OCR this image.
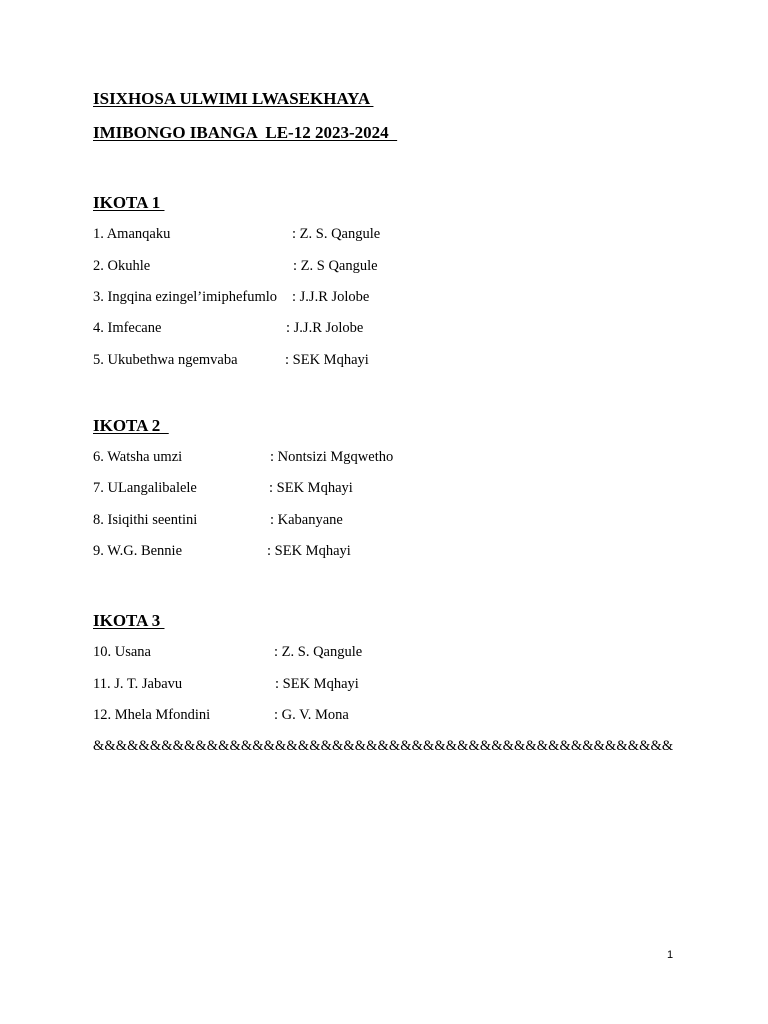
ISIXHOSA ULWIMI LWASEKHAYA
IMIBONGO IBANGA  LE-12 2023-2024
IKOTA 1
1. Amanqaku	: Z. S. Qangule
2. Okuhle	: Z. S Qangule
3. Ingqina ezingel’imiphefumlo : J.J.R Jolobe
4. Imfecane	: J.J.R Jolobe
5. Ukubethwa ngemvaba	: SEK Mqhayi
IKOTA 2
6. Watsha umzi	: Nontsizi Mgqwetho
7. ULangalibalele	: SEK Mqhayi
8. Isiqithi seentini	: Kabanyane
9. W.G. Bennie	: SEK Mqhayi
IKOTA 3
10. Usana	: Z. S. Qangule
11. J. T. Jabavu	: SEK Mqhayi
12. Mhela Mfondini	: G. V. Mona
&&&&&&&&&&&&&&&&&&&&&&&&&&&&&&&&&&&&&&&&&&&&&&&&&&&
1
